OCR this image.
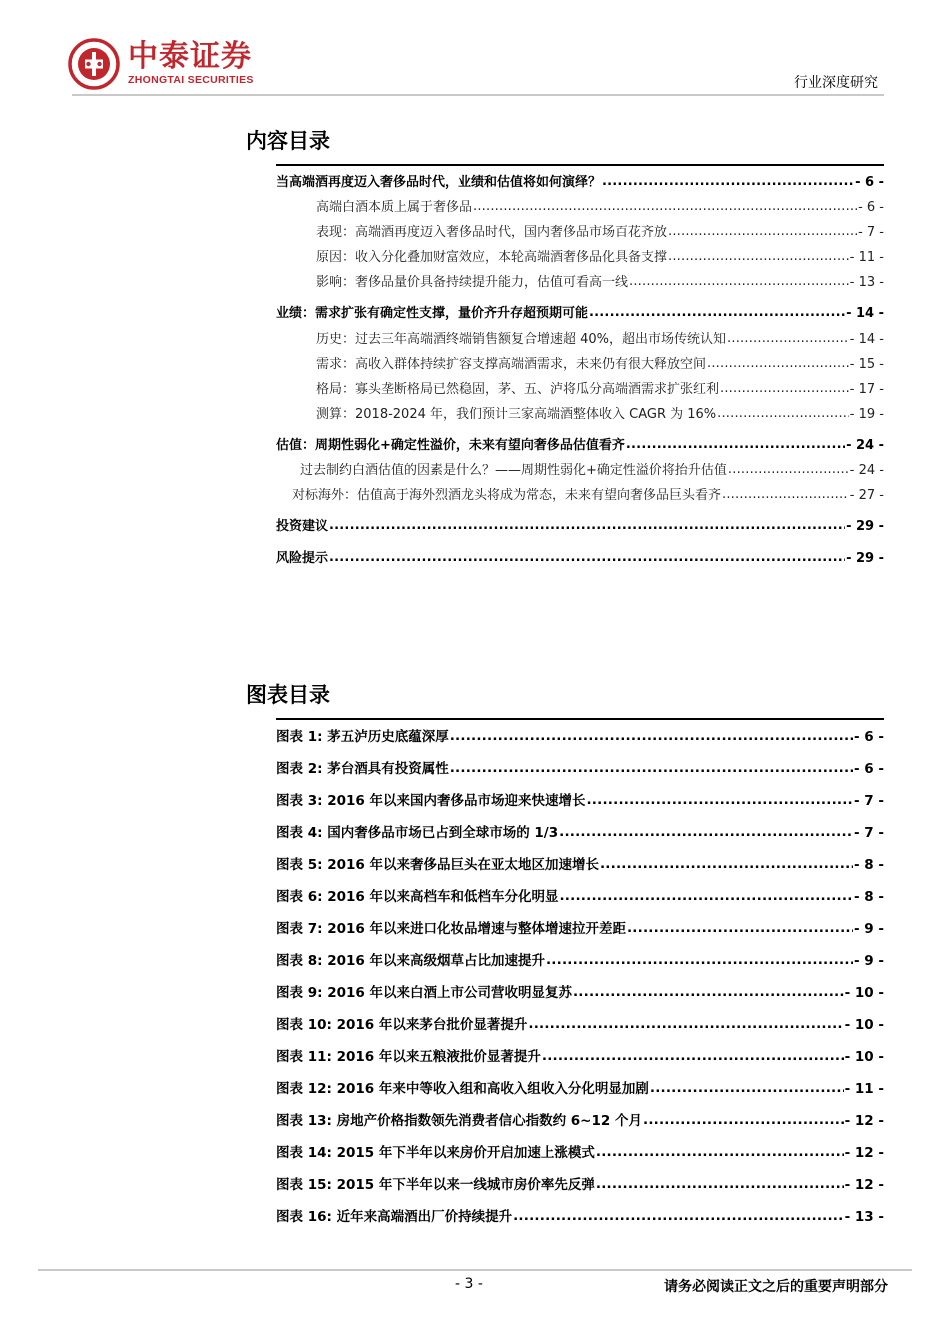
中泰证券
ZHONGTAI SECURITIES	行业深度研究
内容目录
当高端酒再度迈入奢侈品时代，业绩和估值将如何演绎？ .....	- 6 -
高端白酒本质上属于奢侈品 .....	- 6 -
表现：高端酒再度迈入奢侈品时代，国内奢侈品市场百花齐放 .....	- 7 -
原因：收入分化叠加财富效应，本轮高端酒奢侈品化具备支撑 .....	- 11 -
影响：奢侈品量价具备持续提升能力，估值可看高一线 .....	- 13 -
业绩：需求扩张有确定性支撑，量价齐升存超预期可能 .....	- 14 -
历史：过去三年高端酒终端销售额复合增速超 40%，超出市场传统认知 .....	- 14 -
需求：高收入群体持续扩容支撑高端酒需求，未来仍有很大释放空间 .....	- 15 -
格局：寡头垄断格局已然稳固，茅、五、泸将瓜分高端酒需求扩张红利 .....	- 17 -
测算：2018-2024 年，我们预计三家高端酒整体收入 CAGR 为 16% .....	- 19 -
估值：周期性弱化+确定性溢价，未来有望向奢侈品估值看齐 .....	- 24 -
过去制约白酒估值的因素是什么？——周期性弱化+确定性溢价将抬升估值 .....	- 24 -
对标海外：估值高于海外烈酒龙头将成为常态，未来有望向奢侈品巨头看齐 .....	- 27 -
投资建议 .....	- 29 -
风险提示 .....	- 29 -
图表目录
图表 1: 茅五泸历史底蕴深厚 .....	- 6 -
图表 2: 茅台酒具有投资属性 .....	- 6 -
图表 3: 2016 年以来国内奢侈品市场迎来快速增长 .....	- 7 -
图表 4: 国内奢侈品市场已占到全球市场的 1/3 .....	- 7 -
图表 5: 2016 年以来奢侈品巨头在亚太地区加速增长 .....	- 8 -
图表 6: 2016 年以来高档车和低档车分化明显 .....	- 8 -
图表 7: 2016 年以来进口化妆品增速与整体增速拉开差距 .....	- 9 -
图表 8: 2016 年以来高级烟草占比加速提升 .....	- 9 -
图表 9: 2016 年以来白酒上市公司营收明显复苏 .....	- 10 -
图表 10: 2016 年以来茅台批价显著提升 .....	- 10 -
图表 11: 2016 年以来五粮液批价显著提升 .....	- 10 -
图表 12: 2016 年来中等收入组和高收入组收入分化明显加剧 .....	- 11 -
图表 13: 房地产价格指数领先消费者信心指数约 6~12 个月 .....	- 12 -
图表 14: 2015 年下半年以来房价开启加速上涨模式 .....	- 12 -
图表 15: 2015 年下半年以来一线城市房价率先反弹 .....	- 12 -
图表 16: 近年来高端酒出厂价持续提升 .....	- 13 -
- 3 -	请务必阅读正文之后的重要声明部分
